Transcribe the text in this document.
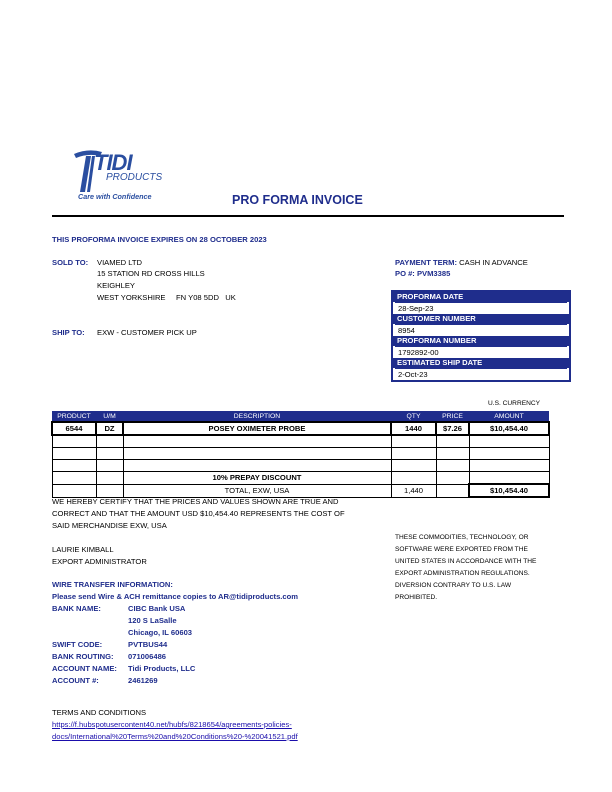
TIDI
PRODUCTS
Care with Confidence	PRO FORMA INVOICE
THIS PROFORMA INVOICE EXPIRES ON 28 OCTOBER 2023
SOLD TO: VIAMED LTD
15 STATION RD CROSS HILLS
KEIGHLEY
WEST YORKSHIRE     FN Y08 5DD   UK
SHIP TO: EXW - CUSTOMER PICK UP
PAYMENT TERM: CASH IN ADVANCE
PO #: PVM3385
PROFORMA DATE
28-Sep-23
CUSTOMER NUMBER
8954
PROFORMA NUMBER
1792892-00
ESTIMATED SHIP DATE
2-Oct-23
U.S. CURRENCY
PRODUCT	U/M	DESCRIPTION	QTY	PRICE	AMOUNT
6544	DZ	POSEY OXIMETER PROBE	1440	$7.26	$10,454.40

		10% PREPAY DISCOUNT			
		TOTAL, EXW, USA	1,440		$10,454.40
WE HEREBY CERTIFY THAT THE PRICES AND VALUES SHOWN ARE TRUE AND
CORRECT AND THAT THE AMOUNT USD $10,454.40 REPRESENTS THE COST OF
SAID MERCHANDISE EXW, USA
LAURIE KIMBALL
EXPORT ADMINISTRATOR
THESE COMMODITIES, TECHNOLOGY, OR
SOFTWARE WERE EXPORTED FROM THE
UNITED STATES IN ACCORDANCE WITH THE
EXPORT ADMINISTRATION REGULATIONS.
DIVERSION CONTRARY TO U.S. LAW
PROHIBITED.
WIRE TRANSFER INFORMATION:
Please send Wire & ACH remittance copies to AR@tidiproducts.com
BANK NAME:	CIBC Bank USA
120 S LaSalle
Chicago, IL 60603
SWIFT CODE:	PVTBUS44
BANK ROUTING: 071006486
ACCOUNT NAME: Tidi Products, LLC
ACCOUNT #:	2461269
TERMS AND CONDITIONS
https://f.hubspotusercontent40.net/hubfs/8218654/agreements-policies-
docs/International%20Terms%20and%20Conditions%20-%20041521.pdf
